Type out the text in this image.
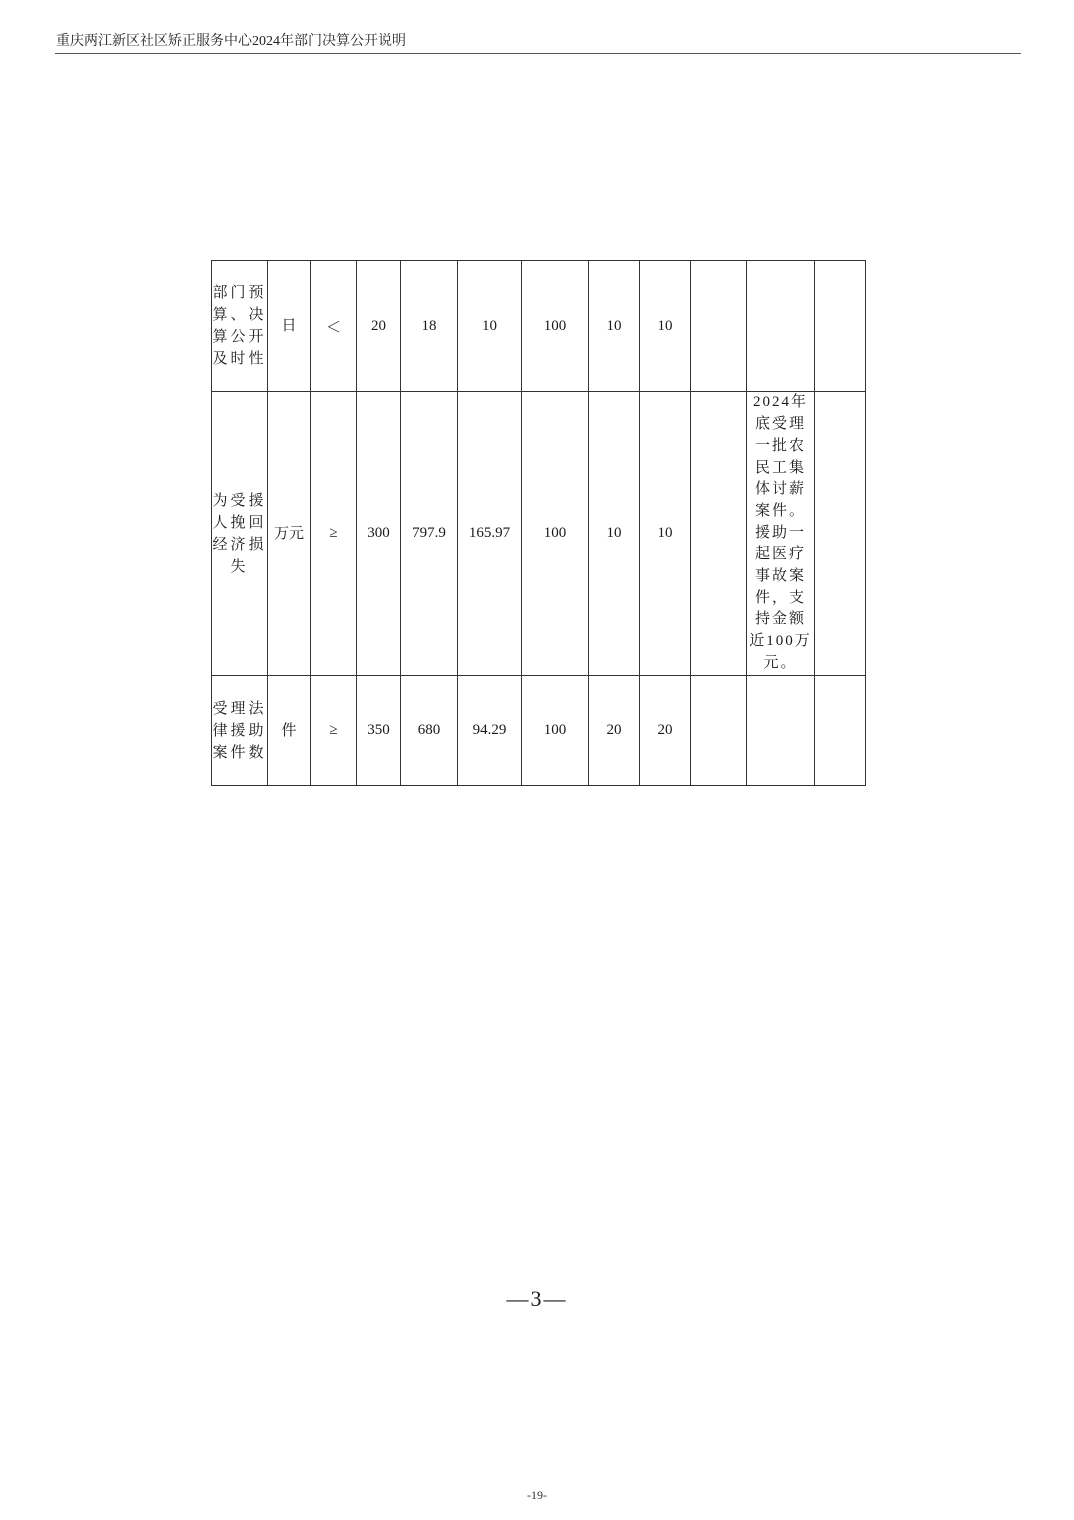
重庆两江新区社区矫正服务中心2024年部门决算公开说明
部门预算、决算公开及时性	日	＜	20	18	10	100	10	10			
为受援人挽回经济损失	万元	≥	300	797.9	165.97	100	10	10		2024年底受理一批农民工集体讨薪案件。援助一起医疗事故案件，支持金额近100万元。	
受理法律援助案件数	件	≥	350	680	94.29	100	20	20			
—3—
-19-
